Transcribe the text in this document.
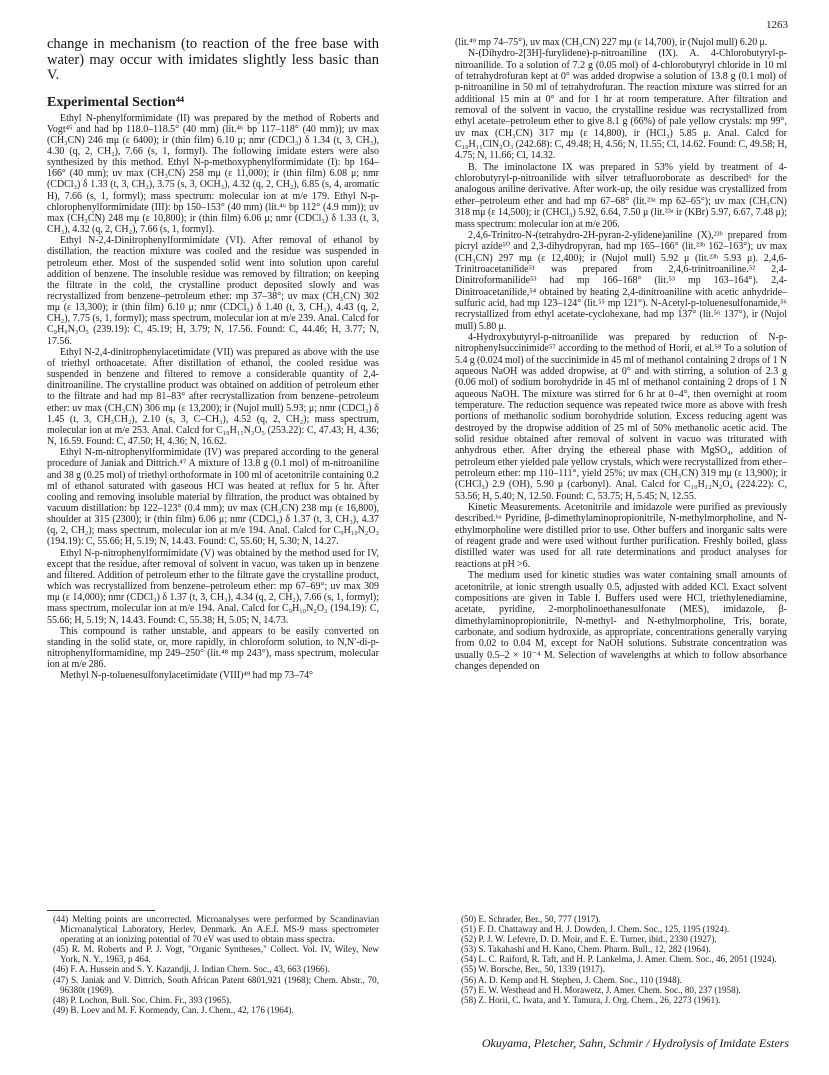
1263
change in mechanism (to reaction of the free base with water) may occur with imidates slightly less basic than V.
Experimental Section⁴⁴

Ethyl N-phenylformimidate (II) was prepared by the method of Roberts and Vogt⁴⁵ and had bp 118.0–118.5° (40 mm) (lit.⁴⁶ bp 117–118° (40 mm)); uv max (CH₃CN) 246 mμ (ε 6400); ir (thin film) 6.10 μ; nmr (CDCl₃) δ 1.34 (t, 3, CH₃), 4.30 (q, 2, CH₂), 7.66 (s, 1, formyl). The following imidate esters were also synthesized by this method. Ethyl N-p-methoxyphenylformimidate (I): bp 164–166° (40 mm); uv max (CH₃CN) 258 mμ (ε 11,000); ir (thin film) 6.08 μ; nmr (CDCl₃) δ 1.33 (t, 3, CH₃), 3.75 (s, 3, OCH₃), 4.32 (q, 2, CH₂), 6.85 (s, 4, aromatic H), 7.66 (s, 1, formyl); mass spectrum: molecular ion at m/e 179. Ethyl N-p-chlorophenylformimidate (III): bp 150–153° (40 mm) (lit.⁴⁶ bp 112° (4.9 mm)); uv max (CH₃CN) 248 mμ (ε 10,800); ir (thin film) 6.06 μ; nmr (CDCl₃) δ 1.33 (t, 3, CH₃), 4.32 (q, 2, CH₂), 7.66 (s, 1, formyl).

Ethyl N-2,4-Dinitrophenylformimidate (VI). After removal of ethanol by distillation, the reaction mixture was cooled and the residue was suspended in petroleum ether. Most of the suspended solid went into solution upon careful addition of benzene. The insoluble residue was removed by filtration; on keeping the filtrate in the cold, the crystalline product deposited slowly and was recrystallized from benzene–petroleum ether: mp 37–38°; uv max (CH₃CN) 302 mμ (ε 13,300); ir (thin film) 6.10 μ; nmr (CDCl₃) δ 1.40 (t, 3, CH₃), 4.43 (q, 2, CH₂), 7.75 (s, 1, formyl); mass spectrum, molecular ion at m/e 239. Anal. Calcd for C₉H₉N₃O₅ (239.19): C, 45.19; H, 3.79; N, 17.56. Found: C, 44.46; H, 3.77; N, 17.56.

Ethyl N-2,4-dinitrophenylacetimidate (VII) was prepared as above with the use of triethyl orthoacetate. After distillation of ethanol, the cooled residue was suspended in benzene and filtered to remove a considerable quantity of 2,4-dinitroaniline. The crystalline product was obtained on addition of petroleum ether to the filtrate and had mp 81–83° after recrystallization from benzene–petroleum ether: uv max (CH₃CN) 306 mμ (ε 13,200); ir (Nujol mull) 5.93; μ; nmr (CDCl₃) δ 1.45 (t, 3, CH₃CH₂), 2.10 (s, 3, C–CH₃), 4.52 (q, 2, CH₂); mass spectrum, molecular ion at m/e 253. Anal. Calcd for C₁₀H₁₁N₃O₅ (253.22): C, 47.43; H, 4.36; N, 16.59. Found: C, 47.50; H, 4.36; N, 16.62.

Ethyl N-m-nitrophenylformimidate (IV) was prepared according to the general procedure of Janiak and Dittrich.⁴⁷ A mixture of 13.8 g (0.1 mol) of m-nitroaniline and 38 g (0.25 mol) of triethyl orthoformate in 100 ml of acetonitrile containing 0.2 ml of ethanol saturated with gaseous HCl was heated at reflux for 5 hr. After cooling and removing insoluble material by filtration, the product was obtained by vacuum distillation: bp 122–123° (0.4 mm); uv max (CH₃CN) 238 mμ (ε 16,800), shoulder at 315 (2300); ir (thin film) 6.06 μ; nmr (CDCl₃) δ 1.37 (t, 3, CH₃), 4.37 (q, 2, CH₂); mass spectrum, molecular ion at m/e 194. Anal. Calcd for C₉H₁₀N₂O₃ (194.19): C, 55.66; H, 5.19; N, 14.43. Found: C, 55.60; H, 5.30; N, 14.27.

Ethyl N-p-nitrophenylformimidate (V) was obtained by the method used for IV, except that the residue, after removal of solvent in vacuo, was taken up in benzene and filtered. Addition of petroleum ether to the filtrate gave the crystalline product, which was recrystallized from benzene–petroleum ether: mp 67–69°; uv max 309 mμ (ε 14,000); nmr (CDCl₃) δ 1.37 (t, 3, CH₃), 4.34 (q, 2, CH₂), 7.66 (s, 1, formyl); mass spectrum, molecular ion at m/e 194. Anal. Calcd for C₉H₁₀N₂O₃ (194.19): C, 55.66; H, 5.19; N, 14.43. Found: C, 55.38; H, 5.05; N, 14.73.

This compound is rather unstable, and appears to be easily converted on standing in the solid state, or, more rapidly, in chloroform solution, to N,N′-di-p-nitrophenylformamidine, mp 249–250° (lit.⁴⁸ mp 243°), mass spectrum, molecular ion at m/e 286.

Methyl N-p-toluenesulfonylacetimidate (VIII)⁴⁹ had mp 73–74°

(lit.⁴⁹ mp 74–75°), uv max (CH₃CN) 227 mμ (ε 14,700), ir (Nujol mull) 6.20 μ.

N-(Dihydro-2[3H]-furylidene)-p-nitroaniline (IX). A. 4-Chlorobutyryl-p-nitroanilide. To a solution of 7.2 g (0.05 mol) of 4-chlorobutyryl chloride in 10 ml of tetrahydrofuran kept at 0° was added dropwise a solution of 13.8 g (0.1 mol) of p-nitroaniline in 50 ml of tetrahydrofuran. The reaction mixture was stirred for an additional 15 min at 0° and for 1 hr at room temperature. After filtration and removal of the solvent in vacuo, the crystalline residue was recrystallized from ethyl acetate–petroleum ether to give 8.1 g (66%) of pale yellow crystals: mp 99°, uv max (CH₃CN) 317 mμ (ε 14,800), ir (HCl₃) 5.85 μ. Anal. Calcd for C₁₀H₁₁ClN₂O₃ (242.68): C, 49.48; H, 4.56; N, 11.55; Cl, 14.62. Found: C, 49.58; H, 4.75; N, 11.66; Cl, 14.32.

B. The iminolactone IX was prepared in 53% yield by treatment of 4-chlorobutyryl-p-nitroanilide with silver tetrafluoroborate as described⁶ for the analogous aniline derivative. After work-up, the oily residue was crystallized from ether–petroleum ether and had mp 67–68° (lit.²³ᵃ mp 62–65°); uv max (CH₃CN) 318 mμ (ε 14,500); ir (CHCl₃) 5.92, 6.64, 7.50 μ (lit.²³ᵃ ir (KBr) 5.97, 6.67, 7.48 μ); mass spectrum: molecular ion at m/e 206.

2,4,6-Trinitro-N-(tetrahydro-2H-pyran-2-ylidene)aniline (X),²³ᵇ prepared from picryl azide⁵⁰ and 2,3-dihydropyran, had mp 165–166° (lit.²³ᵇ 162–163°); uv max (CH₃CN) 297 mμ (ε 12,400); ir (Nujol mull) 5.92 μ (lit.²³ᵇ 5.93 μ). 2,4,6-Trinitroacetanilide⁵¹ was prepared from 2,4,6-trinitroaniline.⁵² 2,4-Dinitroformanilide⁵³ had mp 166–168° (lit.⁵³ mp 163–164°). 2,4-Dinitroacetanilide,⁵⁴ obtained by heating 2,4-dinitroaniline with acetic anhydride–sulfuric acid, had mp 123–124° (lit.⁵⁵ mp 121°). N-Acetyl-p-toluenesulfonamide,⁵⁶ recrystallized from ethyl acetate-cyclohexane, had mp 137° (lit.⁵⁶ 137°), ir (Nujol mull) 5.80 μ.

4-Hydroxybutyryl-p-nitroanilide was prepared by reduction of N-p-nitrophenylsuccinimide⁵⁷ according to the method of Horii, et al.⁵⁸ To a solution of 5.4 g (0.024 mol) of the succinimide in 45 ml of methanol containing 2 drops of 1 N aqueous NaOH was added dropwise, at 0° and with stirring, a solution of 2.3 g (0.06 mol) of sodium borohydride in 45 ml of methanol containing 2 drops of 1 N aqueous NaOH. The mixture was stirred for 6 hr at 0–4°, then overnight at room temperature. The reduction sequence was repeated twice more as above with fresh portions of methanolic sodium borohydride solution. Excess reducing agent was destroyed by the dropwise addition of 25 ml of 50% methanolic acetic acid. The solid residue obtained after removal of solvent in vacuo was triturated with anhydrous ether. After drying the ethereal phase with MgSO₄, addition of petroleum ether yielded pale yellow crystals, which were recrystallized from ether–petroleum ether: mp 110–111°, yield 25%; uv max (CH₃CN) 319 mμ (ε 13,900); ir (CHCl₃) 2.9 (OH), 5.90 μ (carbonyl). Anal. Calcd for C₁₀H₁₂N₂O₄ (224.22): C, 53.56; H, 5.40; N, 12.50. Found: C, 53.75; H, 5.45; N, 12.55.

Kinetic Measurements. Acetonitrile and imidazole were purified as previously described.⁶ᵃ Pyridine, β-dimethylaminopropionitrile, N-methylmorpholine, and N-ethylmorpholine were distilled prior to use. Other buffers and inorganic salts were of reagent grade and were used without further purification. Freshly boiled, glass distilled water was used for all rate determinations and product analyses for reactions at pH >6.

The medium used for kinetic studies was water containing small amounts of acetonitrile, at ionic strength usually 0.5, adjusted with added KCl. Exact solvent compositions are given in Table I. Buffers used were HCl, triethylenediamine, acetate, pyridine, 2-morpholinoethanesulfonate (MES), imidazole, β-dimethylaminopropionitrile, N-methyl- and N-ethylmorpholine, Tris, borate, carbonate, and sodium hydroxide, as appropriate, concentrations generally varying from 0.02 to 0.04 M, except for NaOH solutions. Substrate concentration was usually 0.5–2 × 10⁻⁴ M. Selection of wavelengths at which to follow absorbance changes depended on

(44) Melting points are uncorrected. Microanalyses were performed by Scandinavian Microanalytical Laboratory, Herlev, Denmark. An A.E.I. MS-9 mass spectrometer operating at an ionizing potential of 70 eV was used to obtain mass spectra.

(45) R. M. Roberts and P. J. Vogt, "Organic Syntheses," Collect. Vol. IV, Wiley, New York, N. Y., 1963, p 464.

(46) F. A. Hussein and S. Y. Kazandji, J. Indian Chem. Soc., 43, 663 (1966).

(47) S. Janiak and V. Dittrich, South African Patent 6801,921 (1968); Chem. Abstr., 70, 96380t (1969).

(48) P. Lochon, Bull. Soc. Chim. Fr., 393 (1965).

(49) B. Loev and M. F. Kormendy, Can. J. Chem., 42, 176 (1964).

(50) E. Schrader, Ber., 50, 777 (1917).

(51) F. D. Chattaway and H. J. Dowden, J. Chem. Soc., 125, 1195 (1924).

(52) P. J. W. Lefevre, D. D. Moir, and E. E. Turner, ibid., 2330 (1927).

(53) S. Takahashi and H. Kano, Chem. Pharm. Bull., 12, 282 (1964).

(54) L. C. Raiford, R. Taft, and H. P. Lankelma, J. Amer. Chem. Soc., 46, 2051 (1924).

(55) W. Borsche, Ber., 50, 1339 (1917).

(56) A. D. Kemp and H. Stephen, J. Chem. Soc., 110 (1948).

(57) E. W. Westhead and H. Morawetz, J. Amer. Chem. Soc., 80, 237 (1958).

(58) Z. Horii, C. Iwata, and Y. Tamura, J. Org. Chem., 26, 2273 (1961).

Okuyama, Pletcher, Sahn, Schmir / Hydrolysis of Imidate Esters
